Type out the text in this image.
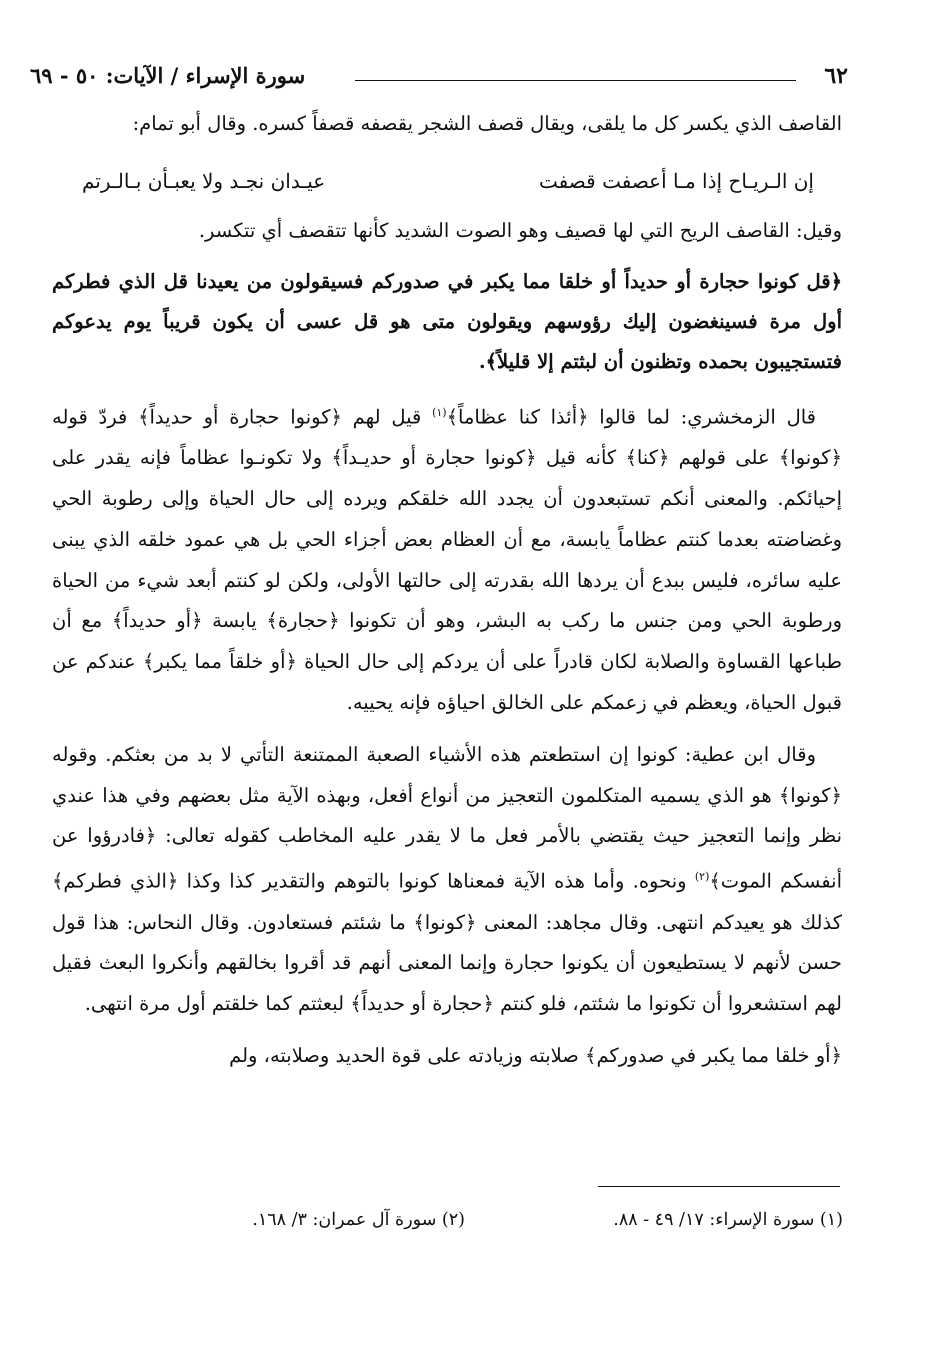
٦٢
سورة الإسراء / الآيات: ٥٠ - ٦٩

القاصف الذي يكسر كل ما يلقى، ويقال قصف الشجر يقصفه قصفاً كسره. وقال أبو تمام:

إن الـريـاح إذا مـا أعصفت قصفت
عيـدان نجـد ولا يعبـأن بـالـرتم

وقيل: القاصف الريح التي لها قصيف وهو الصوت الشديد كأنها تتقصف أي تتكسر.

﴿قل كونوا حجارة أو حديداً أو خلقا مما يكبر في صدوركم فسيقولون من يعيدنا قل الذي فطركم أول مرة فسينغضون إليك رؤوسهم ويقولون متى هو قل عسى أن يكون قريباً يوم يدعوكم فتستجيبون بحمده وتظنون أن لبثتم إلا قليلاً﴾.

قال الزمخشري: لما قالوا ﴿أئذا كنا عظاماً﴾$^{(١)}$ قيل لهم ﴿كونوا حجارة أو حديداً﴾ فردّ قوله ﴿كونوا﴾ على قولهم ﴿كنا﴾ كأنه قيل ﴿كونوا حجارة أو حديـداً﴾ ولا تكونـوا عظاماً فإنه يقدر على إحيائكم. والمعنى أنكم تستبعدون أن يجدد الله خلقكم ويرده إلى حال الحياة وإلى رطوبة الحي وغضاضته بعدما كنتم عظاماً يابسة، مع أن العظام بعض أجزاء الحي بل هي عمود خلقه الذي يبنى عليه سائره، فليس ببدع أن يردها الله بقدرته إلى حالتها الأولى، ولكن لو كنتم أبعد شيء من الحياة ورطوبة الحي ومن جنس ما ركب به البشر، وهو أن تكونوا ﴿حجارة﴾ يابسة ﴿أو حديداً﴾ مع أن طباعها القساوة والصلابة لكان قادراً على أن يردكم إلى حال الحياة ﴿أو خلقاً مما يكبر﴾ عندكم عن قبول الحياة، ويعظم في زعمكم على الخالق احياؤه فإنه يحييه.

وقال ابن عطية: كونوا إن استطعتم هذه الأشياء الصعبة الممتنعة التأتي لا بد من بعثكم. وقوله ﴿كونوا﴾ هو الذي يسميه المتكلمون التعجيز من أنواع أفعل، وبهذه الآية مثل بعضهم وفي هذا عندي نظر وإنما التعجيز حيث يقتضي بالأمر فعل ما لا يقدر عليه المخاطب كقوله تعالى: ﴿فادرؤوا عن أنفسكم الموت﴾$^{(٢)}$ ونحوه. وأما هذه الآية فمعناها كونوا بالتوهم والتقدير كذا وكذا ﴿الذي فطركم﴾ كذلك هو يعيدكم انتهى. وقال مجاهد: المعنى ﴿كونوا﴾ ما شئتم فستعادون. وقال النحاس: هذا قول حسن لأنهم لا يستطيعون أن يكونوا حجارة وإنما المعنى أنهم قد أقروا بخالقهم وأنكروا البعث فقيل لهم استشعروا أن تكونوا ما شئتم، فلو كنتم ﴿حجارة أو حديداً﴾ لبعثتم كما خلقتم أول مرة انتهى.

﴿أو خلقا مما يكبر في صدوركم﴾ صلابته وزيادته على قوة الحديد وصلابته، ولم

(١) سورة الإسراء: ١٧/ ٤٩ - ٨٨.
(٢) سورة آل عمران: ٣/ ١٦٨.
